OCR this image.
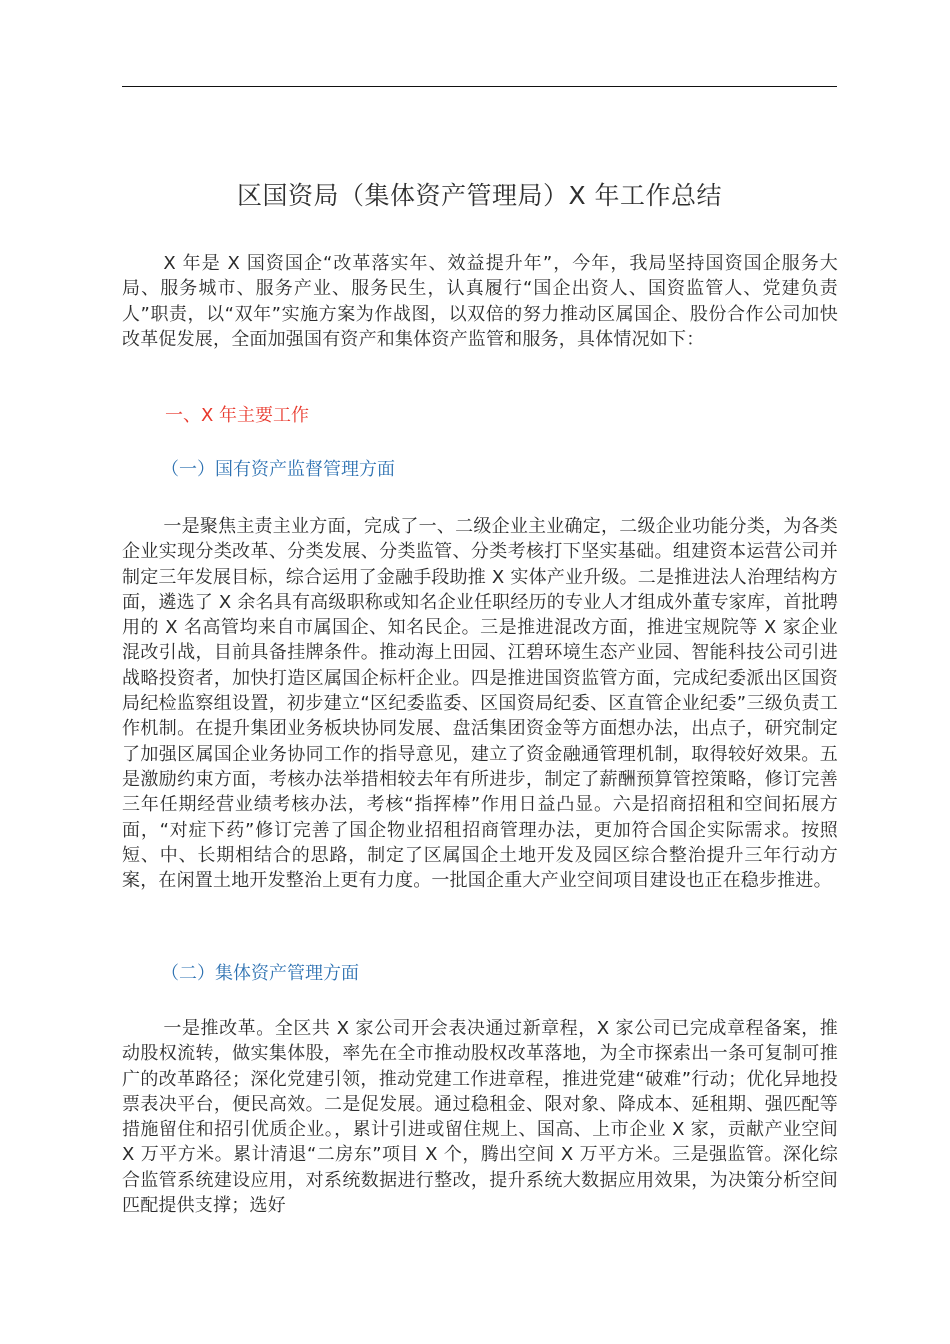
区国资局（集体资产管理局）X 年工作总结

X 年是 X 国资国企“改革落实年、效益提升年”，今年，我局坚持国资国企服务大局、服务城市、服务产业、服务民生，认真履行“国企出资人、国资监管人、党建负责人”职责，以“双年”实施方案为作战图，以双倍的努力推动区属国企、股份合作公司加快改革促发展，全面加强国有资产和集体资产监管和服务，具体情况如下：

一、X 年主要工作

（一）国有资产监督管理方面

一是聚焦主责主业方面，完成了一、二级企业主业确定，二级企业功能分类，为各类企业实现分类改革、分类发展、分类监管、分类考核打下坚实基础。组建资本运营公司并制定三年发展目标，综合运用了金融手段助推 X 实体产业升级。二是推进法人治理结构方面，遴选了 X 余名具有高级职称或知名企业任职经历的专业人才组成外董专家库，首批聘用的 X 名高管均来自市属国企、知名民企。三是推进混改方面，推进宝规院等 X 家企业混改引战，目前具备挂牌条件。推动海上田园、江碧环境生态产业园、智能科技公司引进战略投资者，加快打造区属国企标杆企业。四是推进国资监管方面，完成纪委派出区国资局纪检监察组设置，初步建立“区纪委监委、区国资局纪委、区直管企业纪委”三级负责工作机制。在提升集团业务板块协同发展、盘活集团资金等方面想办法，出点子，研究制定了加强区属国企业务协同工作的指导意见，建立了资金融通管理机制，取得较好效果。五是激励约束方面，考核办法举措相较去年有所进步，制定了薪酬预算管控策略，修订完善三年任期经营业绩考核办法，考核“指挥棒”作用日益凸显。六是招商招租和空间拓展方面，“对症下药”修订完善了国企物业招租招商管理办法，更加符合国企实际需求。按照短、中、长期相结合的思路，制定了区属国企土地开发及园区综合整治提升三年行动方案，在闲置土地开发整治上更有力度。一批国企重大产业空间项目建设也正在稳步推进。

（二）集体资产管理方面

一是推改革。全区共 X 家公司开会表决通过新章程，X 家公司已完成章程备案，推动股权流转，做实集体股，率先在全市推动股权改革落地，为全市探索出一条可复制可推广的改革路径；深化党建引领，推动党建工作进章程，推进党建“破难”行动；优化异地投票表决平台，便民高效。二是促发展。通过稳租金、限对象、降成本、延租期、强匹配等措施留住和招引优质企业。，累计引进或留住规上、国高、上市企业 X 家，贡献产业空间 X 万平方米。累计清退“二房东”项目 X 个，腾出空间 X 万平方米。三是强监管。深化综合监管系统建设应用，对系统数据进行整改，提升系统大数据应用效果，为决策分析空间匹配提供支撑；选好
